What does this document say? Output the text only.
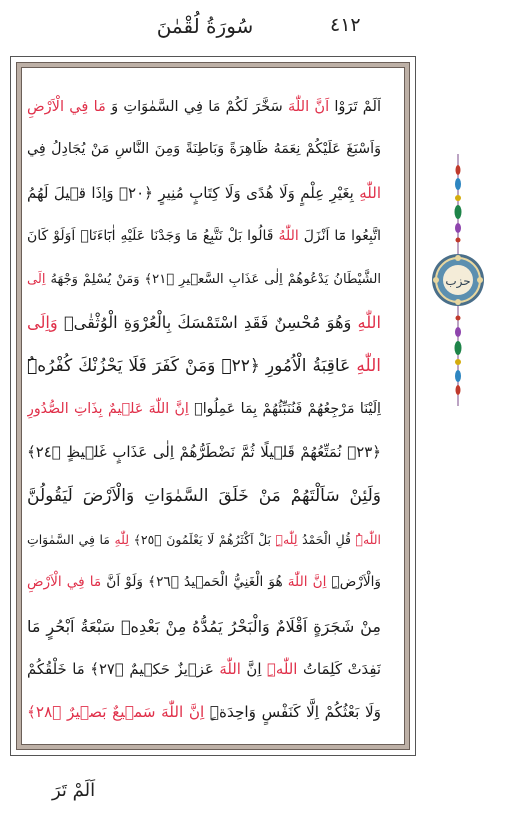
سُورَةُ لُقْمٰنَ	٤١٢
اَلَمْ تَرَوْا اَنَّ اللّٰهَ سَخَّرَ لَكُمْ مَا فِي السَّمٰوَاتِ وَ مَا فِي الْاَرْضِ
وَاَسْبَغَ عَلَيْكُمْ نِعَمَهُ ظَاهِرَةً وَبَاطِنَةً وَمِنَ النَّاسِ مَنْ يُجَادِلُ فِي
اللّٰهِ بِغَيْرِ عِلْمٍ وَلَا هُدًى وَلَا كِتَابٍ مُنِيرٍ ﴿٢٠﴾ وَاِذَا ق۪يلَ لَهُمُ
اتَّبِعُوا مَٓا اَنْزَلَ اللّٰهُ قَالُوا بَلْ نَتَّبِعُ مَا وَجَدْنَا عَلَيْهِ اٰبَٓاءَنَاۜ اَوَلَوْ كَانَ
الشَّيْطَانُ يَدْعُوهُمْ اِلٰى عَذَابِ السَّع۪يرِ ﴿٢١﴾ وَمَنْ يُسْلِمْ وَجْهَهُ اِلَى
اللّٰهِ وَهُوَ مُحْسِنٌ فَقَدِ اسْتَمْسَكَ بِالْعُرْوَةِ الْوُثْقٰىۜ وَاِلَى
اللّٰهِ عَاقِبَةُ الْاُمُورِ ﴿٢٢﴾ وَمَنْ كَفَرَ فَلَا يَحْزُنْكَ كُفْرُهُۜ
اِلَيْنَا مَرْجِعُهُمْ فَنُنَبِّئُهُمْ بِمَا عَمِلُواۜ اِنَّ اللّٰهَ عَل۪يمٌ بِذَاتِ الصُّدُورِ
﴿٢٣﴾ نُمَتِّعُهُمْ قَل۪يلًا ثُمَّ نَضْطَرُّهُمْ اِلٰى عَذَابٍ غَل۪يظٍ ﴿٢٤﴾
وَلَئِنْ سَاَلْتَهُمْ مَنْ خَلَقَ السَّمٰوَاتِ وَالْاَرْضَ لَيَقُولُنَّ
اللّٰهُۜ قُلِ الْحَمْدُ لِلّٰهِۜ بَلْ اَكْثَرُهُمْ لَا يَعْلَمُونَ ﴿٢٥﴾ لِلّٰهِ مَا فِي السَّمٰوَاتِ
وَالْاَرْضِۜ اِنَّ اللّٰهَ هُوَ الْغَنِيُّ الْحَم۪يدُ ﴿٢٦﴾ وَلَوْ اَنَّ مَا فِي الْاَرْضِ
مِنْ شَجَرَةٍ اَقْلَامٌ وَالْبَحْرُ يَمُدُّهُ مِنْ بَعْدِه۪ سَبْعَةُ اَبْحُرٍ مَا
نَفِدَتْ كَلِمَاتُ اللّٰهِۜ اِنَّ اللّٰهَ عَز۪يزٌ حَك۪يمٌ ﴿٢٧﴾ مَا خَلْقُكُمْ
وَلَا بَعْثُكُمْ اِلَّا كَنَفْسٍ وَاحِدَةٍۜ اِنَّ اللّٰهَ سَم۪يعٌ بَص۪يرٌ ﴿٢٨﴾
حزب
اَلَمْ تَرَ
